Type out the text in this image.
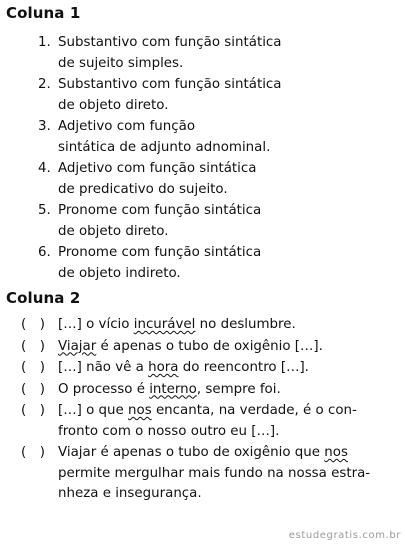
Coluna 1
1. Substantivo com função sintática
de sujeito simples.
2. Substantivo com função sintática
de objeto direto.
3. Adjetivo com função
sintática de adjunto adnominal.
4. Adjetivo com função sintática
de predicativo do sujeito.
5. Pronome com função sintática
de objeto direto.
6. Pronome com função sintática
de objeto indireto.
Coluna 2
( ) […] o vício incurável no deslumbre.
( ) Viajar é apenas o tubo de oxigênio […].
( ) […] não vê a hora do reencontro […].
( ) O processo é interno, sempre foi.
( ) […] o que nos encanta, na verdade, é o con-
fronto com o nosso outro eu […].
( ) Viajar é apenas o tubo de oxigênio que nos
permite mergulhar mais fundo na nossa estra-
nheza e insegurança.
estudegratis.com.br
